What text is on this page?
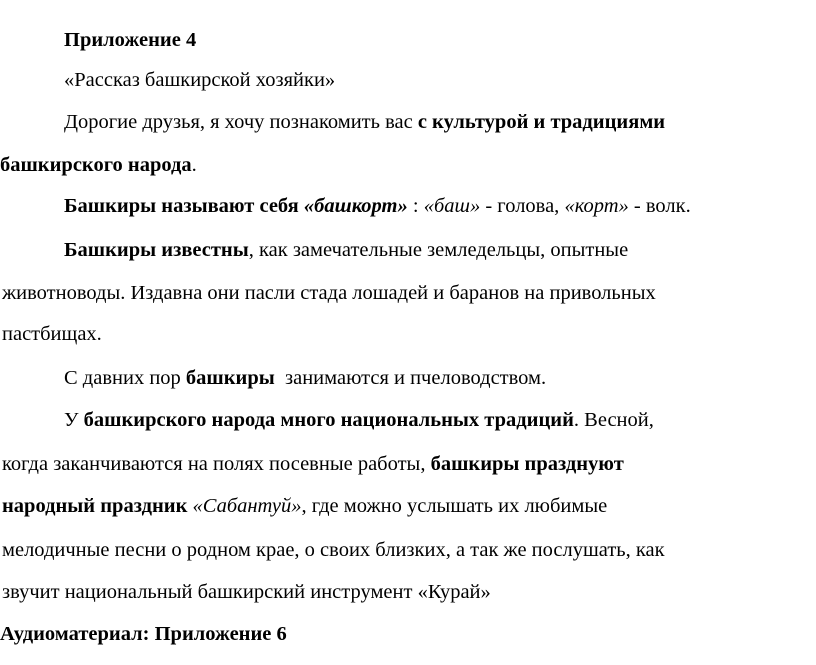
Приложение 4
«Рассказ башкирской хозяйки»
Дорогие друзья, я хочу познакомить вас с культурой и традициями
башкирского народа.
Башкиры называют себя «башкорт» : «баш» - голова, «корт» - волк.
Башкиры известны, как замечательные земледельцы, опытные
животноводы. Издавна они пасли стада лошадей и баранов на привольных
пастбищах.
С давних пор башкиры  занимаются и пчеловодством.
У башкирского народа много национальных традиций. Весной,
когда заканчиваются на полях посевные работы, башкиры празднуют
народный праздник «Сабантуй», где можно услышать их любимые
мелодичные песни о родном крае, о своих близких, а так же послушать, как
звучит национальный башкирский инструмент «Курай»
Аудиоматериал: Приложение 6
